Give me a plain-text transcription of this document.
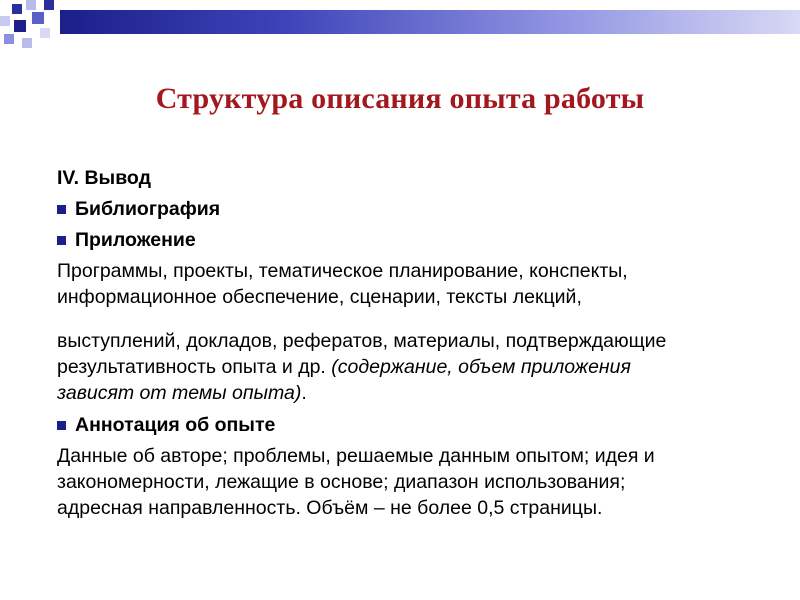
Структура описания опыта работы

IV. Вывод

Библиография
Приложение
Программы, проекты, тематическое планирование, конспекты,
информационное обеспечение, сценарии, тексты лекций,
выступлений, докладов, рефератов, материалы, подтверждающие
результативность опыта и др. (содержание, объем приложения
зависят от темы опыта).
Аннотация об опыте
Данные об авторе; проблемы, решаемые данным опытом; идея и
закономерности, лежащие в основе; диапазон использования;
адресная направленность. Объём – не более 0,5 страницы.
